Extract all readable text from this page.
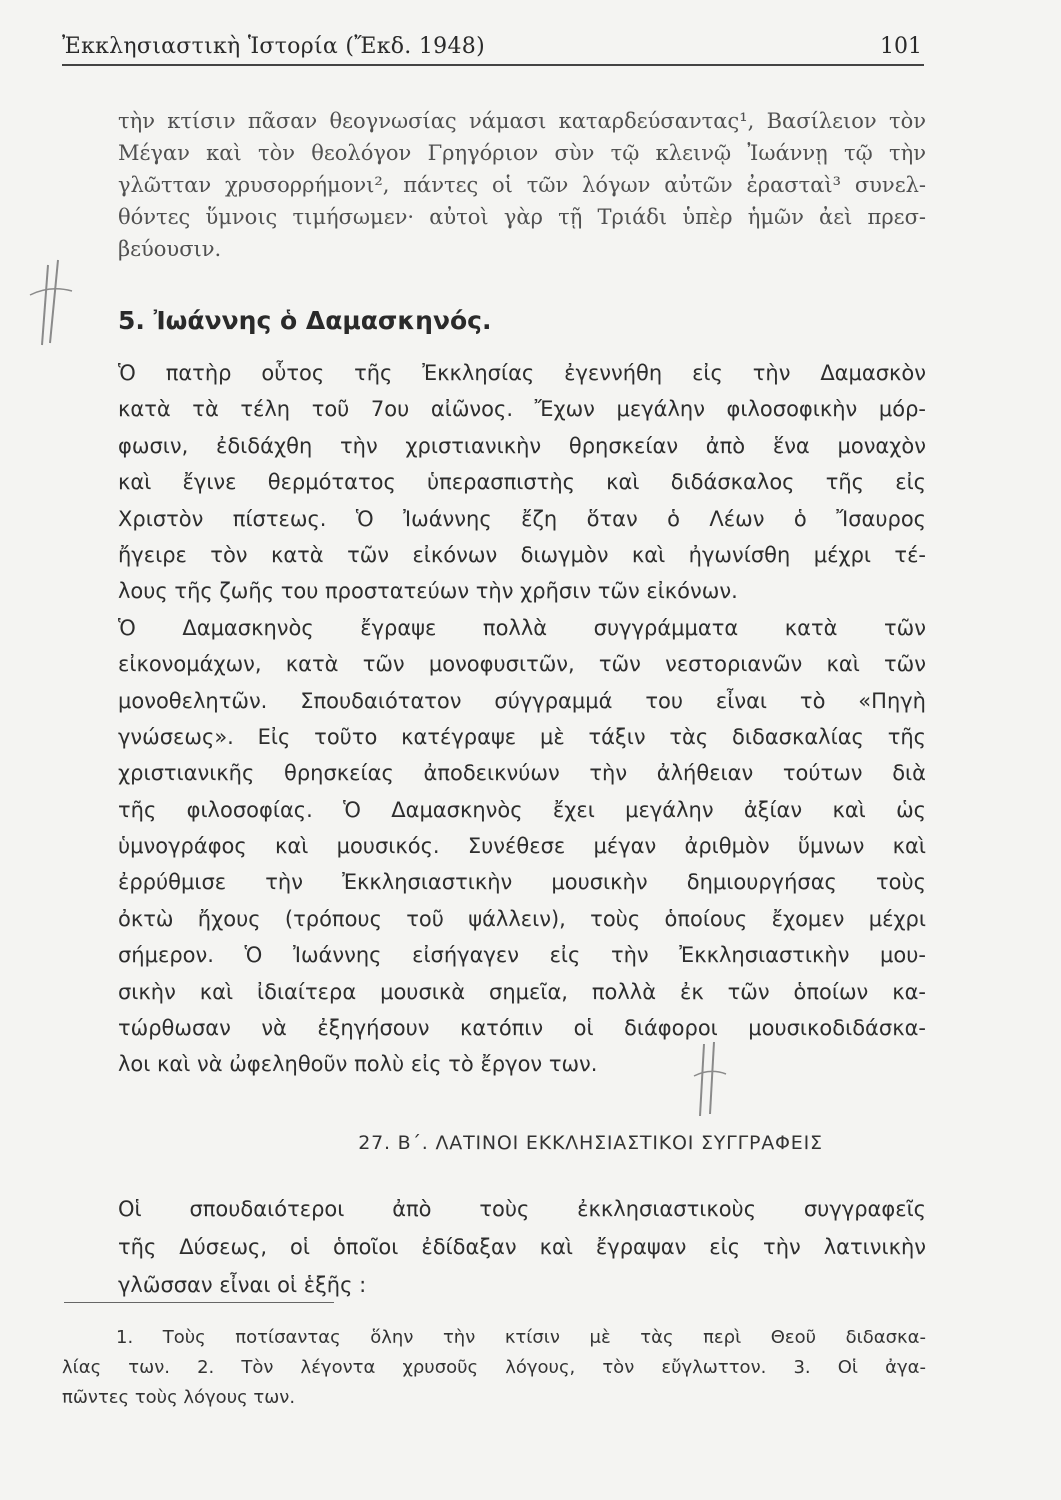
Ἐκκλησιαστικὴ Ἱστορία (Ἔκδ. 1948)	101
τὴν κτίσιν πᾶσαν θεογνωσίας νάμασι καταρδεύσαντας¹, Βασίλειον τὸν
Μέγαν καὶ τὸν θεολόγον Γρηγόριον σὺν τῷ κλεινῷ Ἰωάννῃ τῷ τὴν
γλῶτταν χρυσορρήμονι², πάντες οἱ τῶν λόγων αὐτῶν ἐρασταὶ³ συνελ-
θόντες ὕμνοις τιμήσωμεν· αὐτοὶ γὰρ τῇ Τριάδι ὑπὲρ ἡμῶν ἀεὶ πρεσ-
βεύουσιν.
5. Ἰωάννης ὁ Δαμασκηνός.
Ὁ πατὴρ οὗτος τῆς Ἐκκλησίας ἐγεννήθη εἰς τὴν Δαμασκὸν
κατὰ τὰ τέλη τοῦ 7ου αἰῶνος. Ἔχων μεγάλην φιλοσοφικὴν μόρ-
φωσιν, ἐδιδάχθη τὴν χριστιανικὴν θρησκείαν ἀπὸ ἕνα μοναχὸν
καὶ ἔγινε θερμότατος ὑπερασπιστὴς καὶ διδάσκαλος τῆς εἰς
Χριστὸν πίστεως. Ὁ Ἰωάννης ἔζη ὅταν ὁ Λέων ὁ Ἴσαυρος
ἤγειρε τὸν κατὰ τῶν εἰκόνων διωγμὸν καὶ ἠγωνίσθη μέχρι τέ-
λους τῆς ζωῆς του προστατεύων τὴν χρῆσιν τῶν εἰκόνων.
Ὁ Δαμασκηνὸς ἔγραψε πολλὰ συγγράμματα κατὰ τῶν
εἰκονομάχων, κατὰ τῶν μονοφυσιτῶν, τῶν νεστοριανῶν καὶ τῶν
μονοθελητῶν. Σπουδαιότατον σύγγραμμά του εἶναι τὸ «Πηγὴ
γνώσεως». Εἰς τοῦτο κατέγραψε μὲ τάξιν τὰς διδασκαλίας τῆς
χριστιανικῆς θρησκείας ἀποδεικνύων τὴν ἀλήθειαν τούτων διὰ
τῆς φιλοσοφίας. Ὁ Δαμασκηνὸς ἔχει μεγάλην ἀξίαν καὶ ὡς
ὑμνογράφος καὶ μουσικός. Συνέθεσε μέγαν ἀριθμὸν ὕμνων καὶ
ἐρρύθμισε τὴν Ἐκκλησιαστικὴν μουσικὴν δημιουργήσας τοὺς
ὀκτὼ ἤχους (τρόπους τοῦ ψάλλειν), τοὺς ὁποίους ἔχομεν μέχρι
σήμερον. Ὁ Ἰωάννης εἰσήγαγεν εἰς τὴν Ἐκκλησιαστικὴν μου-
σικὴν καὶ ἰδιαίτερα μουσικὰ σημεῖα, πολλὰ ἐκ τῶν ὁποίων κα-
τώρθωσαν νὰ ἐξηγήσουν κατόπιν οἱ διάφοροι μουσικοδιδάσκα-
λοι καὶ νὰ ὠφεληθοῦν πολὺ εἰς τὸ ἔργον των.
27. Β΄. ΛΑΤΙΝΟΙ ΕΚΚΛΗΣΙΑΣΤΙΚΟΙ ΣΥΓΓΡΑΦΕΙΣ
Οἱ σπουδαιότεροι ἀπὸ τοὺς ἐκκλησιαστικοὺς συγγραφεῖς
τῆς Δύσεως, οἱ ὁποῖοι ἐδίδαξαν καὶ ἔγραψαν εἰς τὴν λατινικὴν
γλῶσσαν εἶναι οἱ ἑξῆς :
1. Τοὺς ποτίσαντας ὅλην τὴν κτίσιν μὲ τὰς περὶ Θεοῦ διδασκα-
λίας των. 2. Τὸν λέγοντα χρυσοῦς λόγους, τὸν εὔγλωττον. 3. Οἱ ἀγα-
πῶντες τοὺς λόγους των.
